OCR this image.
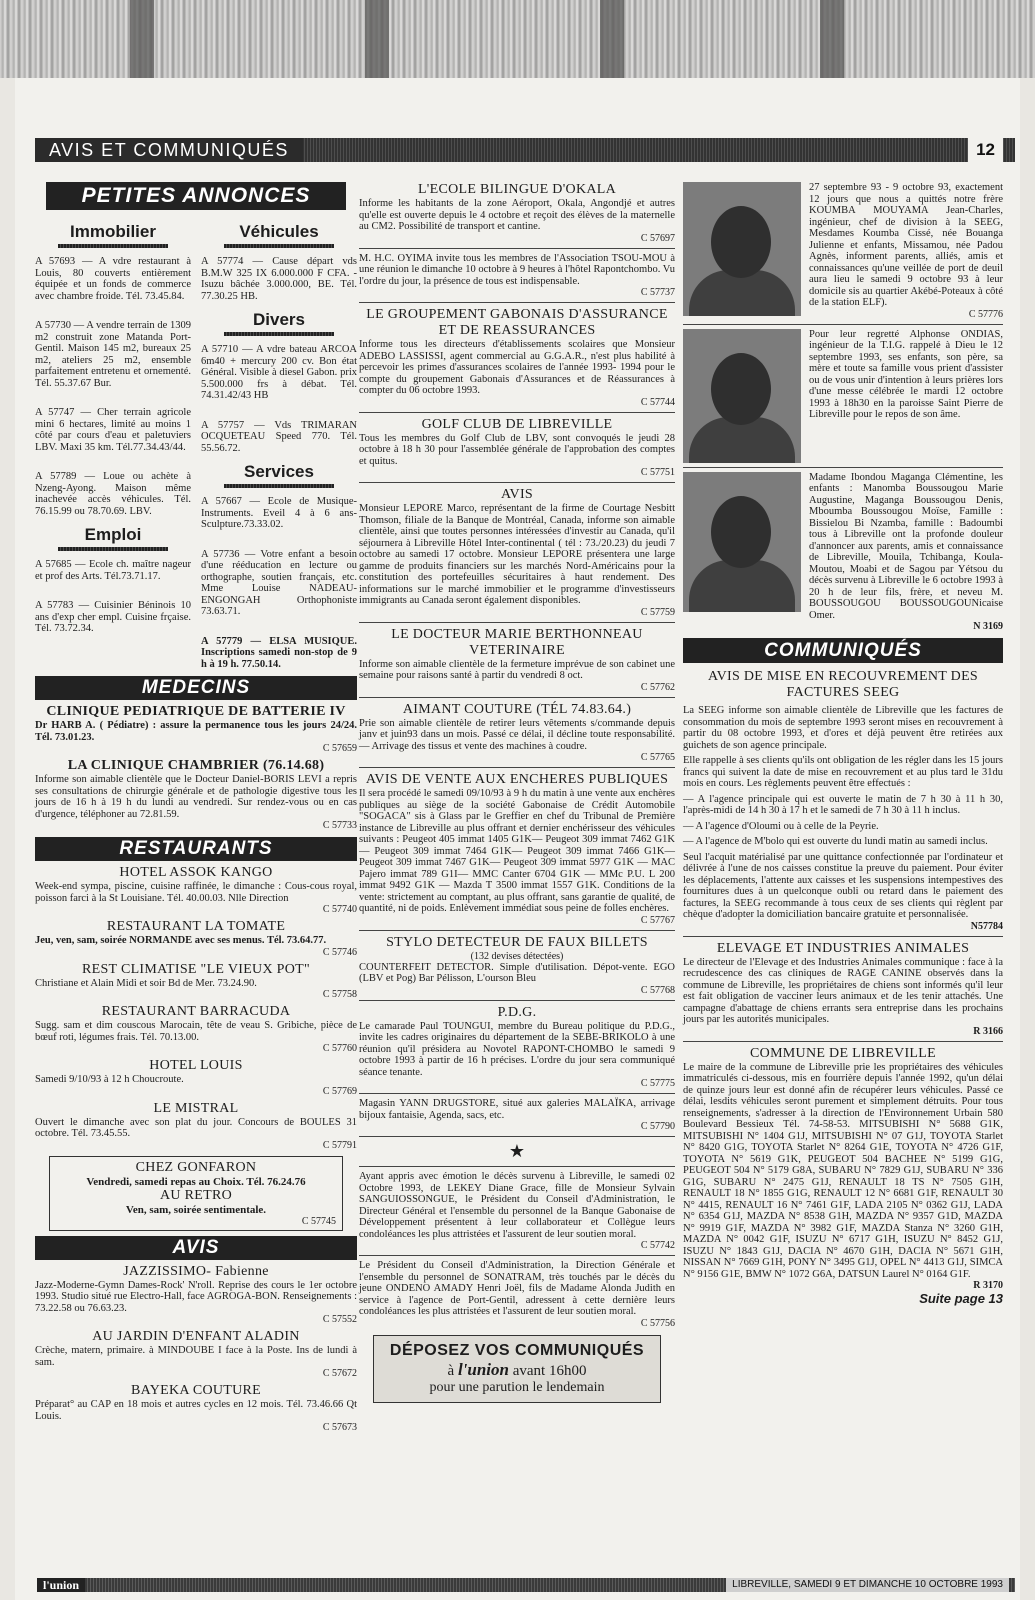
AVIS ET COMMUNIQUÉS	12
PETITES ANNONCES
Immobilier

A 57693 — A vdre restaurant à Louis, 80 couverts entièrement équipée et un fonds de commerce avec chambre froide. Tél. 73.45.84.

A 57730 — A vendre terrain de 1309 m2 construit zone Matanda Port-Gentil. Maison 145 m2, bureaux 25 m2, ateliers 25 m2, ensemble parfaitement entretenu et ornementé. Tél. 55.37.67 Bur.

A 57747 — Cher terrain agricole mini 6 hectares, limité au moins 1 côté par cours d'eau et paletuviers LBV. Maxi 35 km. Tél.77.34.43/44.

A 57789 — Loue ou achète à Nzeng-Ayong. Maison même inachevée accès véhicules. Tél. 76.15.99 ou 78.70.69. LBV.

Emploi

A 57685 — Ecole ch. maître nageur et prof des Arts. Tél.73.71.17.

A 57783 — Cuisinier Béninois 10 ans d'exp cher empl. Cuisine frçaise. Tél. 73.72.34.

Véhicules

A 57774 — Cause départ vds B.M.W 325 IX 6.000.000 F CFA. - Isuzu bâchée 3.000.000, BE. Tél. 77.30.25 HB.

Divers

A 57710 — A vdre bateau ARCOA 6m40 + mercury 200 cv. Bon état Général. Visible à diesel Gabon. prix 5.500.000 frs à débat. Tél. 74.31.42/43 HB

A 57757 — Vds TRIMARAN OCQUETEAU Speed 770. Tél. 55.56.72.

Services

A 57667 — Ecole de Musique-Instruments. Eveil 4 à 6 ans-Sculpture.73.33.02.

A 57736 — Votre enfant a besoin d'une rééducation en lecture ou orthographe, soutien français, etc. Mme Louise NADEAU-ENGONGAH Orthophoniste 73.63.71.

A 57779 — ELSA MUSIQUE. Inscriptions samedi non-stop de 9 h à 19 h. 77.50.14.

MEDECINS
CLINIQUE PEDIATRIQUE DE BATTERIE IV

Dr HARB A. ( Pédiatre) : assure la permanence tous les jours 24/24. Tél. 73.01.23.

C 57659
LA CLINIQUE CHAMBRIER (76.14.68)

Informe son aimable clientèle que le Docteur Daniel-BORIS LEVI a repris ses consultations de chirurgie générale et de pathologie digestive tous les jours de 16 h à 19 h du lundi au vendredi. Sur rendez-vous ou en cas d'urgence, téléphoner au 72.81.59.

C 57733
RESTAURANTS
HOTEL ASSOK KANGO

Week-end sympa, piscine, cuisine raffinée, le dimanche : Cous-cous royal, poisson farci à la St Louisiane. Tél. 40.00.03. Nlle Direction

C 57740
RESTAURANT LA TOMATE

Jeu, ven, sam, soirée NORMANDE avec ses menus. Tél. 73.64.77.

C 57746
REST CLIMATISE "LE VIEUX POT"

Christiane et Alain Midi et soir Bd de Mer. 73.24.90.

C 57758
RESTAURANT BARRACUDA

Sugg. sam et dim couscous Marocain, tête de veau S. Gribiche, pièce de bœuf roti, légumes frais. Tél. 70.13.00.

C 57760
HOTEL LOUIS

Samedi 9/10/93 à 12 h Choucroute.

C 57769
LE MISTRAL

Ouvert le dimanche avec son plat du jour. Concours de BOULES 31 octobre. Tél. 73.45.55.

C 57791
CHEZ GONFARON
Vendredi, samedi repas au Choix. Tél. 76.24.76
AU RETRO
Ven, sam, soirée sentimentale.
C 57745
AVIS
JAZZISSIMO- Fabienne

Jazz-Moderne-Gymn Dames-Rock' N'roll. Reprise des cours le 1er octobre 1993. Studio situé rue Electro-Hall, face AGROGA-BON. Renseignements : 73.22.58 ou 76.63.23.

C 57552
AU JARDIN D'ENFANT ALADIN

Crèche, matern, primaire. à MINDOUBE I face à la Poste. Ins de lundi à sam.

C 57672
BAYEKA COUTURE

Préparat° au CAP en 18 mois et autres cycles en 12 mois. Tél. 73.46.66 Qt Louis.

C 57673
L'ECOLE BILINGUE D'OKALA

Informe les habitants de la zone Aéroport, Okala, Angondjé et autres qu'elle est ouverte depuis le 4 octobre et reçoit des élèves de la maternelle au CM2. Possibilité de transport et cantine.

C 57697

M. H.C. OYIMA invite tous les membres de l'Association TSOU-MOU à une réunion le dimanche 10 octobre à 9 heures à l'hôtel Rapontchombo. Vu l'ordre du jour, la présence de tous est indispensable.

C 57737
LE GROUPEMENT GABONAIS D'ASSURANCE ET DE REASSURANCES

Informe tous les directeurs d'établissements scolaires que Monsieur ADEBO LASSISSI, agent commercial au G.G.A.R., n'est plus habilité à percevoir les primes d'assurances scolaires de l'année 1993- 1994 pour le compte du groupement Gabonais d'Assurances et de Réassurances à compter du 06 octobre 1993.

C 57744
GOLF CLUB DE LIBREVILLE

Tous les membres du Golf Club de LBV, sont convoqués le jeudi 28 octobre à 18 h 30 pour l'assemblée générale de l'approbation des comptes et quitus.

C 57751
AVIS

Monsieur LEPORE Marco, représentant de la firme de Courtage Nesbitt Thomson, filiale de la Banque de Montréal, Canada, informe son aimable clientèle, ainsi que toutes personnes intéressées d'investir au Canada, qu'il séjournera à Libreville Hôtel Inter-continental ( tél : 73./20.23) du jeudi 7 octobre au samedi 17 octobre. Monsieur LEPORE présentera une large gamme de produits financiers sur les marchés Nord-Américains pour la constitution des portefeuilles sécuritaires à haut rendement. Des informations sur le marché immobilier et le programme d'investisseurs immigrants au Canada seront également disponibles.

C 57759
LE DOCTEUR MARIE BERTHONNEAU VETERINAIRE

Informe son aimable clientèle de la fermeture imprévue de son cabinet une semaine pour raisons santé à partir du vendredi 8 oct.

C 57762
AIMANT COUTURE (TÉL 74.83.64.)

Prie son aimable clientèle de retirer leurs vêtements s/commande depuis janv et juin93 dans un mois. Passé ce délai, il décline toute responsabilité. — Arrivage des tissus et vente des machines à coudre.

C 57765
AVIS DE VENTE AUX ENCHERES PUBLIQUES

Il sera procédé le samedi 09/10/93 à 9 h du matin à une vente aux enchères publiques au siège de la société Gabonaise de Crédit Automobile "SOGACA" sis à Glass par le Greffier en chef du Tribunal de Première instance de Libreville au plus offrant et dernier enchérisseur des véhicules suivants : Peugeot 405 immat 1405 G1K— Peugeot 309 immat 7462 G1K— Peugeot 309 immat 7464 G1K— Peugeot 309 immat 7466 G1K— Peugeot 309 immat 7467 G1K— Peugeot 309 immat 5977 G1K — MAC Pajero immat 789 G1I— MMC Canter 6704 G1K — MMc P.U. L 200 immat 9492 G1K — Mazda T 3500 immat 1557 G1K. Conditions de la vente: strictement au comptant, au plus offrant, sans garantie de qualité, de quantité, ni de poids. Enlèvement immédiat sous peine de folles enchères.

C 57767
STYLO DETECTEUR DE FAUX BILLETS
(132 devises détectées)

COUNTERFEIT DETECTOR. Simple d'utilisation. Dépot-vente. EGO (LBV et Pog) Bar Pélisson, L'ourson Bleu

C 57768
P.D.G.

Le camarade Paul TOUNGUI, membre du Bureau politique du P.D.G., invite les cadres originaires du département de la SEBE-BRIKOLO à une réunion qu'il présidera au Novotel RAPONT-CHOMBO le samedi 9 octobre 1993 à partir de 16 h précises. L'ordre du jour sera communiqué séance tenante.

C 57775

Magasin YANN DRUGSTORE, situé aux galeries MALAÏKA, arrivage bijoux fantaisie, Agenda, sacs, etc.

C 57790
★

Ayant appris avec émotion le décès survenu à Libreville, le samedi 02 Octobre 1993, de LEKEY Diane Grace, fille de Monsieur Sylvain SANGUIOSSONGUE, le Président du Conseil d'Administration, le Directeur Général et l'ensemble du personnel de la Banque Gabonaise de Développement présentent à leur collaborateur et Collègue leurs condoléances les plus attristées et l'assurent de leur soutien moral.

C 57742

Le Président du Conseil d'Administration, la Direction Générale et l'ensemble du personnel de SONATRAM, très touchés par le décès du jeune ONDENO AMADY Henri Joël, fils de Madame Alonda Judith en service à l'agence de Port-Gentil, adressent à cette dernière leurs condoléances les plus attristées et l'assurent de leur soutien moral.

C 57756
DÉPOSEZ VOS COMMUNIQUÉS
à l'union avant 16h00
pour une parution le lendemain

27 septembre 93 - 9 octobre 93, exactement 12 jours que nous a quittés notre frère KOUMBA MOUYAMA Jean-Charles, ingénieur, chef de division à la SEEG, Mesdames Koumba Cissé, née Bouanga Julienne et enfants, Missamou, née Padou Agnès, informent parents, alliés, amis et connaissances qu'une veillée de port de deuil aura lieu le samedi 9 octobre 93 à leur domicile sis au quartier Akébé-Poteaux à côté de la station ELF).

C 57776

Pour leur regretté Alphonse ONDIAS, ingénieur de la T.I.G. rappelé à Dieu le 12 septembre 1993, ses enfants, son père, sa mère et toute sa famille vous prient d'assister ou de vous unir d'intention à leurs prières lors d'une messe célébrée le mardi 12 octobre 1993 à 18h30 en la paroisse Saint Pierre de Libreville pour le repos de son âme.

Madame Ibondou Maganga Clémentine, les enfants : Manomba Boussougou Marie Augustine, Maganga Boussougou Denis, Mboumba Boussougou Moïse, Famille : Bissielou Bi Nzamba, famille : Badoumbi tous à Libreville ont la profonde douleur d'annoncer aux parents, amis et connaissance de Libreville, Mouila, Tchibanga, Koula-Moutou, Moabi et de Sagou par Yétsou du décès survenu à Libreville le 6 octobre 1993 à 20 h de leur fils, frère, et neveu M. BOUSSOUGOU BOUSSOUGOUNicaise Omer.

N 3169
COMMUNIQUÉS
AVIS DE MISE EN RECOUVREMENT DES FACTURES SEEG

La SEEG informe son aimable clientèle de Libreville que les factures de consommation du mois de septembre 1993 seront mises en recouvrement à partir du 08 octobre 1993, et d'ores et déjà peuvent être retirées aux guichets de son agence principale.

Elle rappelle à ses clients qu'ils ont obligation de les régler dans les 15 jours francs qui suivent la date de mise en recouvrement et au plus tard le 31du mois en cours. Les règlements peuvent être effectués :

— A l'agence principale qui est ouverte le matin de 7 h 30 à 11 h 30, l'après-midi de 14 h 30 à 17 h et le samedi de 7 h 30 à 11 h inclus.

— A l'agence d'Oloumi ou à celle de la Peyrie.

— A l'agence de M'bolo qui est ouverte du lundi matin au samedi inclus.

Seul l'acquit matérialisé par une quittance confectionnée par l'ordinateur et délivrée à l'une de nos caisses constitue la preuve du paiement. Pour éviter les déplacements, l'attente aux caisses et les suspensions intempestives des fournitures dues à un quelconque oubli ou retard dans le paiement des factures, la SEEG recommande à tous ceux de ses clients qui règlent par chèque d'adopter la domiciliation bancaire gratuite et personnalisée.

N57784
ELEVAGE ET INDUSTRIES ANIMALES

Le directeur de l'Elevage et des Industries Animales communique : face à la recrudescence des cas cliniques de RAGE CANINE observés dans la commune de Libreville, les propriétaires de chiens sont informés qu'il leur est fait obligation de vacciner leurs animaux et de les tenir attachés. Une campagne d'abattage de chiens errants sera entreprise dans les prochains jours par les autorités municipales.

R 3166
COMMUNE DE LIBREVILLE

Le maire de la commune de Libreville prie les propriétaires des véhicules immatriculés ci-dessous, mis en fourrière depuis l'année 1992, qu'un délai de quinze jours leur est donné afin de récupérer leurs véhicules. Passé ce délai, lesdits véhicules seront purement et simplement détruits. Pour tous renseignements, s'adresser à la direction de l'Environnement Urbain 580 Boulevard Bessieux Tél. 74-58-53. MITSUBISHI N° 5688 G1K, MITSUBISHI N° 1404 G1J, MITSUBISHI N° 07 G1J, TOYOTA Starlet N° 8420 G1G, TOYOTA Starlet N° 8264 G1E, TOYOTA N° 4726 G1F, TOYOTA N° 5619 G1K, PEUGEOT 504 BACHEE N° 5199 G1G, PEUGEOT 504 N° 5179 G8A, SUBARU N° 7829 G1J, SUBARU N° 336 G1G, SUBARU N° 2475 G1J, RENAULT 18 TS N° 7505 G1H, RENAULT 18 N° 1855 G1G, RENAULT 12 N° 6681 G1F, RENAULT 30 N° 4415, RENAULT 16 N° 7461 G1F, LADA 2105 N° 0362 G1J, LADA N° 6354 G1J, MAZDA N° 8538 G1H, MAZDA N° 9357 G1D, MAZDA N° 9919 G1F, MAZDA N° 3982 G1F, MAZDA Stanza N° 3260 G1H, MAZDA N° 0042 G1F, ISUZU N° 6717 G1H, ISUZU N° 8452 G1J, ISUZU N° 1843 G1J, DACIA N° 4670 G1H, DACIA N° 5671 G1H, NISSAN N° 7669 G1H, PONY N° 3495 G1J, OPEL N° 4413 G1J, SIMCA N° 9156 G1E, BMW N° 1072 G6A, DATSUN Laurel N° 0164 G1F.

R 3170
Suite page 13
l'union	LIBREVILLE, SAMEDI 9 ET DIMANCHE 10 OCTOBRE 1993
